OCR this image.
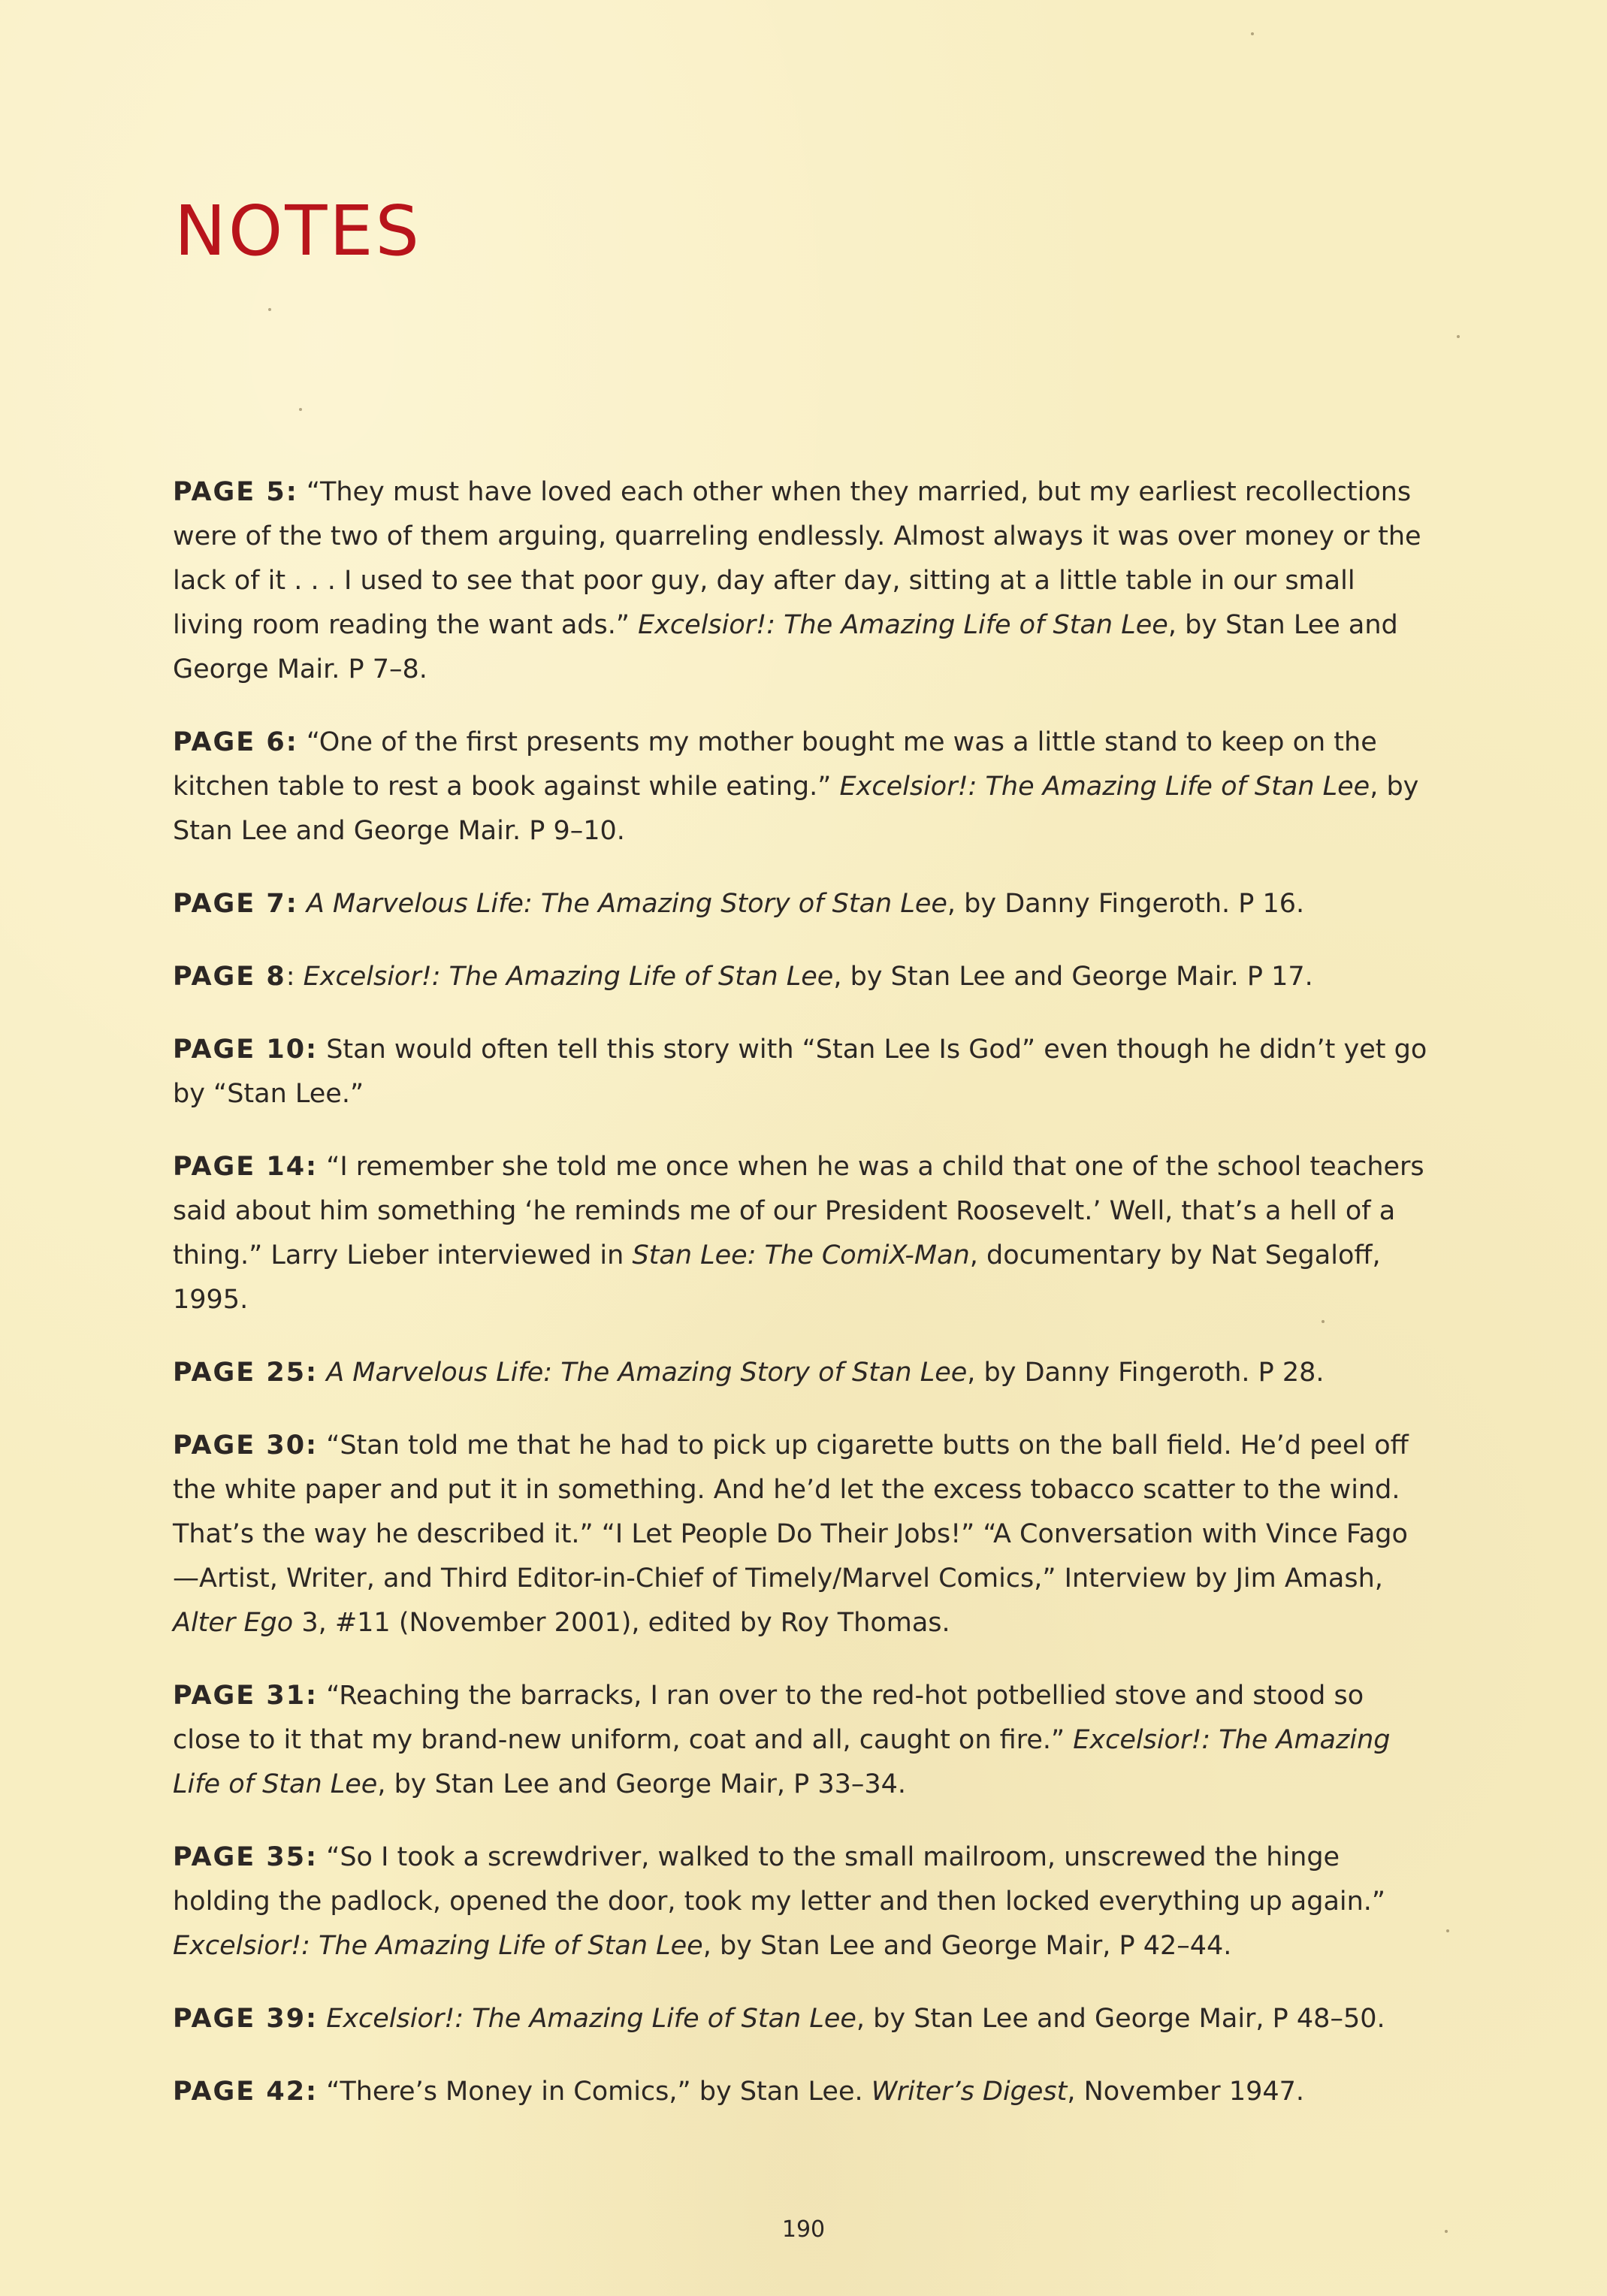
NOTES

PAGE 5: “They must have loved each other when they married, but my earliest recollections were of the two of them arguing, quarreling endlessly. Almost always it was over money or the lack of it . . . I used to see that poor guy, day after day, sitting at a little table in our small living room reading the want ads.” Excelsior!: The Amazing Life of Stan Lee, by Stan Lee and George Mair. P 7–8.

PAGE 6: “One of the first presents my mother bought me was a little stand to keep on the kitchen table to rest a book against while eating.” Excelsior!: The Amazing Life of Stan Lee, by Stan Lee and George Mair. P 9–10.

PAGE 7: A Marvelous Life: The Amazing Story of Stan Lee, by Danny Fingeroth. P 16.

PAGE 8: Excelsior!: The Amazing Life of Stan Lee, by Stan Lee and George Mair. P 17.

PAGE 10: Stan would often tell this story with “Stan Lee Is God” even though he didn’t yet go by “Stan Lee.”

PAGE 14: “I remember she told me once when he was a child that one of the school teachers said about him something ‘he reminds me of our President Roosevelt.’ Well, that’s a hell of a thing.” Larry Lieber interviewed in Stan Lee: The ComiX-Man, documentary by Nat Segaloff, 1995.

PAGE 25: A Marvelous Life: The Amazing Story of Stan Lee, by Danny Fingeroth. P 28.

PAGE 30: “Stan told me that he had to pick up cigarette butts on the ball field. He’d peel off the white paper and put it in something. And he’d let the excess tobacco scatter to the wind. That’s the way he described it.” “I Let People Do Their Jobs!” “A Conversation with Vince Fago—Artist, Writer, and Third Editor-in-Chief of Timely/Marvel Comics,” Interview by Jim Amash, Alter Ego 3, #11 (November 2001), edited by Roy Thomas.

PAGE 31: “Reaching the barracks, I ran over to the red-hot potbellied stove and stood so close to it that my brand-new uniform, coat and all, caught on fire.” Excelsior!: The Amazing Life of Stan Lee, by Stan Lee and George Mair, P 33–34.

PAGE 35: “So I took a screwdriver, walked to the small mailroom, unscrewed the hinge holding the padlock, opened the door, took my letter and then locked everything up again.” Excelsior!: The Amazing Life of Stan Lee, by Stan Lee and George Mair, P 42–44.

PAGE 39: Excelsior!: The Amazing Life of Stan Lee, by Stan Lee and George Mair, P 48–50.

PAGE 42: “There’s Money in Comics,” by Stan Lee. Writer’s Digest, November 1947.

190
